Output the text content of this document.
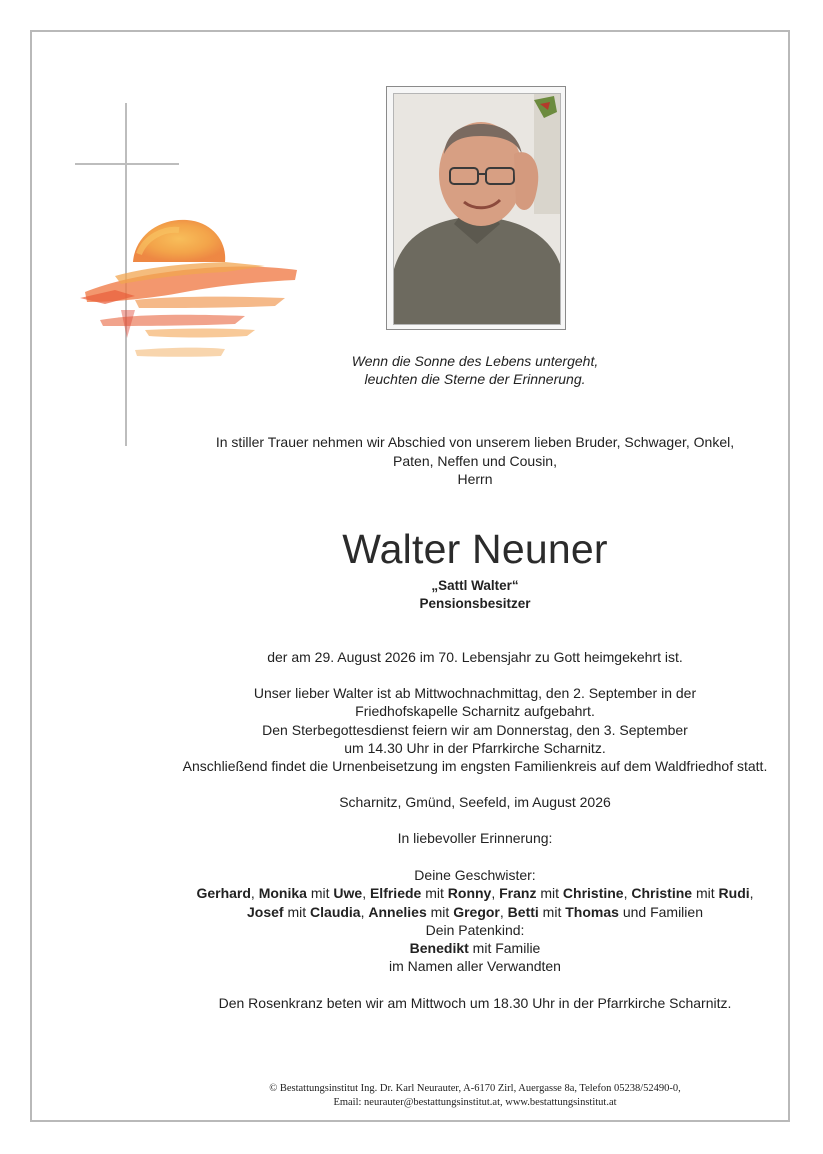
Wenn die Sonne des Lebens untergeht,
leuchten die Sterne der Erinnerung.
In stiller Trauer nehmen wir Abschied von unserem lieben Bruder, Schwager, Onkel,
Paten, Neffen und Cousin,
Herrn
Walter Neuner
„Sattl Walter“
Pensionsbesitzer
der am 29. August 2026 im 70. Lebensjahr zu Gott heimgekehrt ist.
Unser lieber Walter ist ab Mittwochnachmittag, den 2. September in der
Friedhofskapelle Scharnitz aufgebahrt.
Den Sterbegottesdienst feiern wir am Donnerstag, den 3. September
um 14.30 Uhr in der Pfarrkirche Scharnitz.
Anschließend findet die Urnenbeisetzung im engsten Familienkreis auf dem Waldfriedhof statt.
Scharnitz, Gmünd, Seefeld, im August 2026
In liebevoller Erinnerung:
Deine Geschwister:
Gerhard, Monika mit Uwe, Elfriede mit Ronny, Franz mit Christine, Christine mit Rudi,
Josef mit Claudia, Annelies mit Gregor, Betti mit Thomas und Familien
Dein Patenkind:
Benedikt mit Familie
im Namen aller Verwandten
Den Rosenkranz beten wir am Mittwoch um 18.30 Uhr in der Pfarrkirche Scharnitz.
© Bestattungsinstitut Ing. Dr. Karl Neurauter, A-6170 Zirl, Auergasse 8a, Telefon 05238/52490-0,
Email: neurauter@bestattungsinstitut.at, www.bestattungsinstitut.at
